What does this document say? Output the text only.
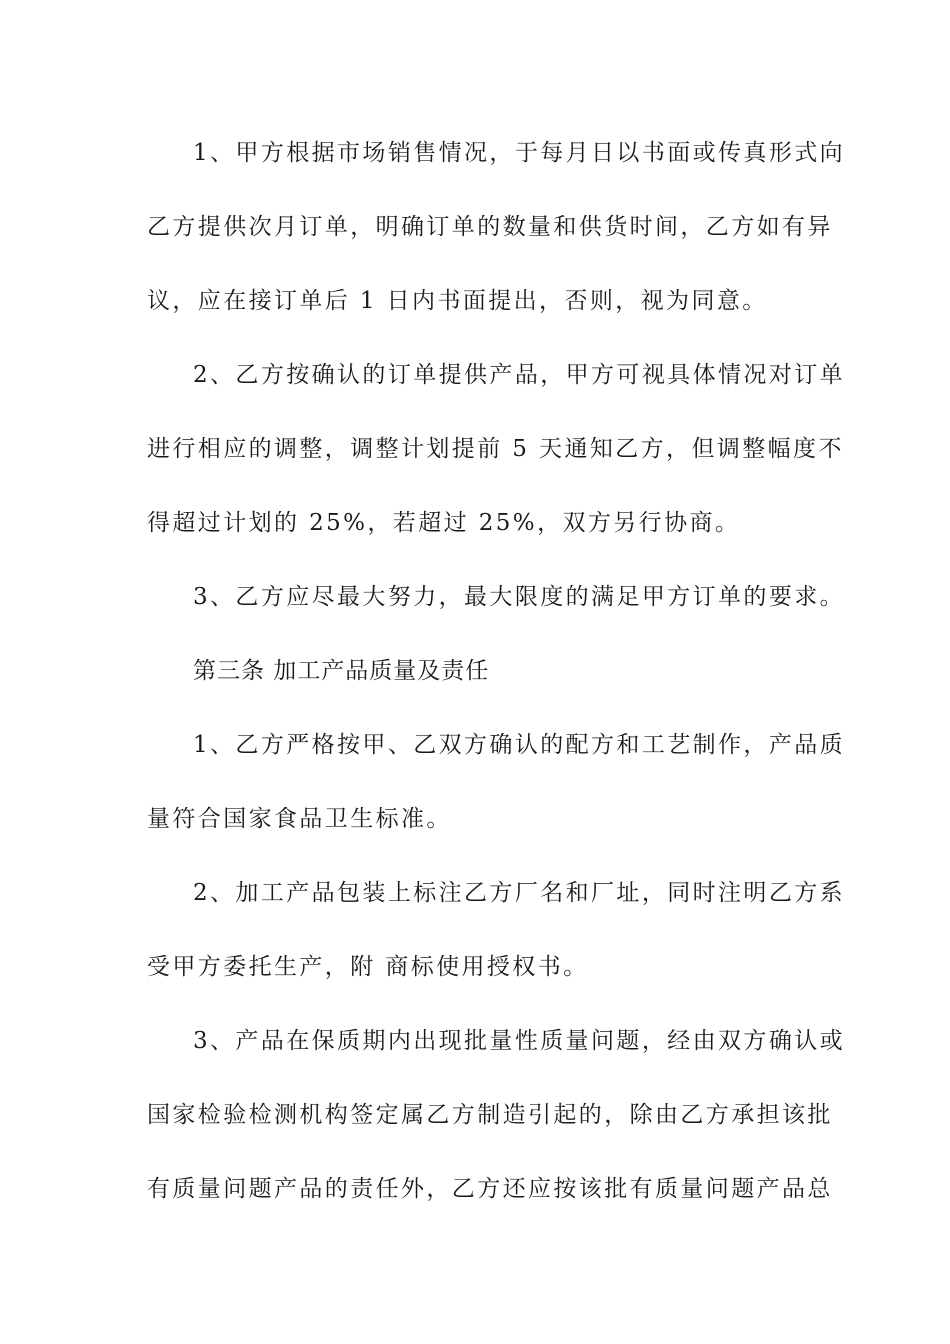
1、甲方根据市场销售情况，于每月日以书面或传真形式向
乙方提供次月订单，明确订单的数量和供货时间，乙方如有异
议，应在接订单后 1 日内书面提出，否则，视为同意。
2、乙方按确认的订单提供产品，甲方可视具体情况对订单
进行相应的调整，调整计划提前 5 天通知乙方，但调整幅度不
得超过计划的 25%，若超过 25%，双方另行协商。
3、乙方应尽最大努力，最大限度的满足甲方订单的要求。
第三条 加工产品质量及责任
1、乙方严格按甲、乙双方确认的配方和工艺制作，产品质
量符合国家食品卫生标准。
2、加工产品包装上标注乙方厂名和厂址，同时注明乙方系
受甲方委托生产，附 商标使用授权书。
3、产品在保质期内出现批量性质量问题，经由双方确认或
国家检验检测机构签定属乙方制造引起的，除由乙方承担该批
有质量问题产品的责任外，乙方还应按该批有质量问题产品总
